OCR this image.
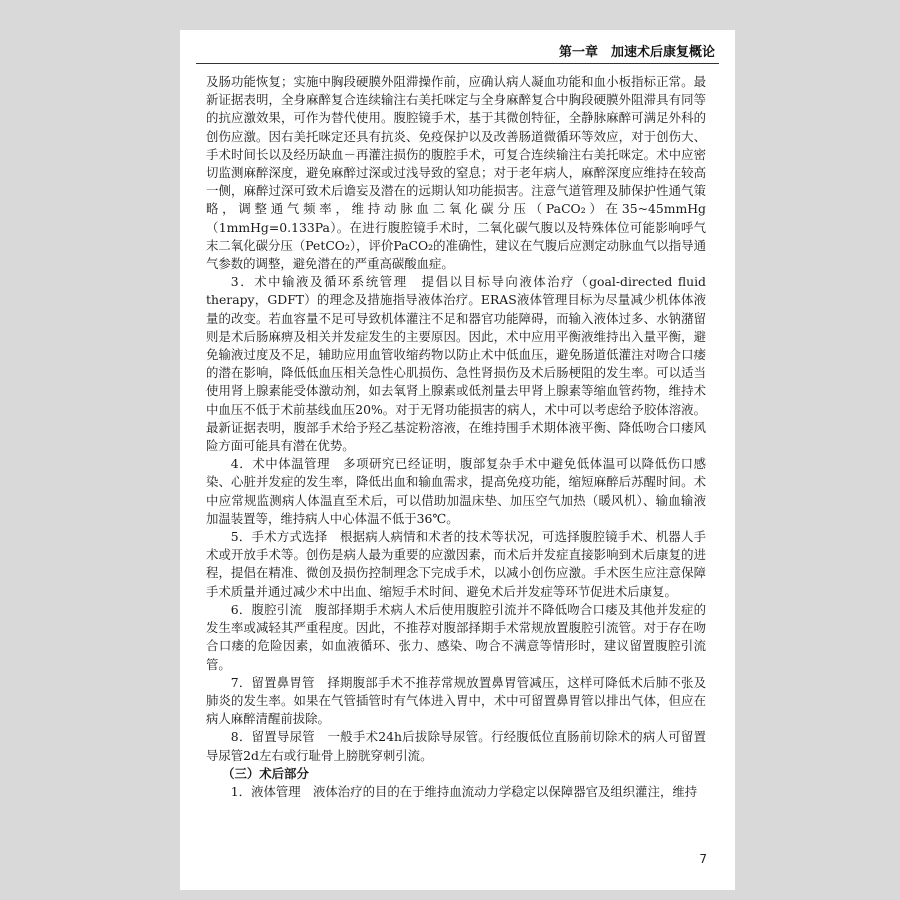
第一章　加速术后康复概论

及肠功能恢复；实施中胸段硬膜外阻滞操作前，应确认病人凝血功能和血小板指标正常。最新证据表明，全身麻醉复合连续输注右美托咪定与全身麻醉复合中胸段硬膜外阻滞具有同等的抗应激效果，可作为替代使用。腹腔镜手术，基于其微创特征，全静脉麻醉可满足外科的创伤应激。因右美托咪定还具有抗炎、免疫保护以及改善肠道微循环等效应，对于创伤大、手术时间长以及经历缺血－再灌注损伤的腹腔手术，可复合连续输注右美托咪定。术中应密切监测麻醉深度，避免麻醉过深或过浅导致的窒息；对于老年病人，麻醉深度应维持在较高一侧，麻醉过深可致术后谵妄及潜在的远期认知功能损害。注意气道管理及肺保护性通气策略，调整通气频率，维持动脉血二氧化碳分压（PaCO₂）在35~45mmHg（1mmHg=0.133Pa）。在进行腹腔镜手术时，二氧化碳气腹以及特殊体位可能影响呼气末二氧化碳分压（PetCO₂），评价PaCO₂的准确性，建议在气腹后应测定动脉血气以指导通气参数的调整，避免潜在的严重高碳酸血症。

3．术中输液及循环系统管理　提倡以目标导向液体治疗（goal-directed fluid therapy，GDFT）的理念及措施指导液体治疗。ERAS液体管理目标为尽量减少机体体液量的改变。若血容量不足可导致机体灌注不足和器官功能障碍，而输入液体过多、水钠潴留则是术后肠麻痹及相关并发症发生的主要原因。因此，术中应用平衡液维持出入量平衡，避免输液过度及不足，辅助应用血管收缩药物以防止术中低血压，避免肠道低灌注对吻合口瘘的潜在影响，降低低血压相关急性心肌损伤、急性肾损伤及术后肠梗阻的发生率。可以适当使用肾上腺素能受体激动剂，如去氧肾上腺素或低剂量去甲肾上腺素等缩血管药物，维持术中血压不低于术前基线血压20%。对于无肾功能损害的病人，术中可以考虑给予胶体溶液。最新证据表明，腹部手术给予羟乙基淀粉溶液，在维持围手术期体液平衡、降低吻合口瘘风险方面可能具有潜在优势。

4．术中体温管理　多项研究已经证明，腹部复杂手术中避免低体温可以降低伤口感染、心脏并发症的发生率，降低出血和输血需求，提高免疫功能，缩短麻醉后苏醒时间。术中应常规监测病人体温直至术后，可以借助加温床垫、加压空气加热（暖风机）、输血输液加温装置等，维持病人中心体温不低于36℃。

5．手术方式选择　根据病人病情和术者的技术等状况，可选择腹腔镜手术、机器人手术或开放手术等。创伤是病人最为重要的应激因素，而术后并发症直接影响到术后康复的进程，提倡在精准、微创及损伤控制理念下完成手术，以减小创伤应激。手术医生应注意保障手术质量并通过减少术中出血、缩短手术时间、避免术后并发症等环节促进术后康复。

6．腹腔引流　腹部择期手术病人术后使用腹腔引流并不降低吻合口瘘及其他并发症的发生率或减轻其严重程度。因此，不推荐对腹部择期手术常规放置腹腔引流管。对于存在吻合口瘘的危险因素，如血液循环、张力、感染、吻合不满意等情形时，建议留置腹腔引流管。

7．留置鼻胃管　择期腹部手术不推荐常规放置鼻胃管减压，这样可降低术后肺不张及肺炎的发生率。如果在气管插管时有气体进入胃中，术中可留置鼻胃管以排出气体，但应在病人麻醉清醒前拔除。

8．留置导尿管　一般手术24h后拔除导尿管。行经腹低位直肠前切除术的病人可留置导尿管2d左右或行耻骨上膀胱穿刺引流。

（三）术后部分

1．液体管理　液体治疗的目的在于维持血流动力学稳定以保障器官及组织灌注，维持

7
